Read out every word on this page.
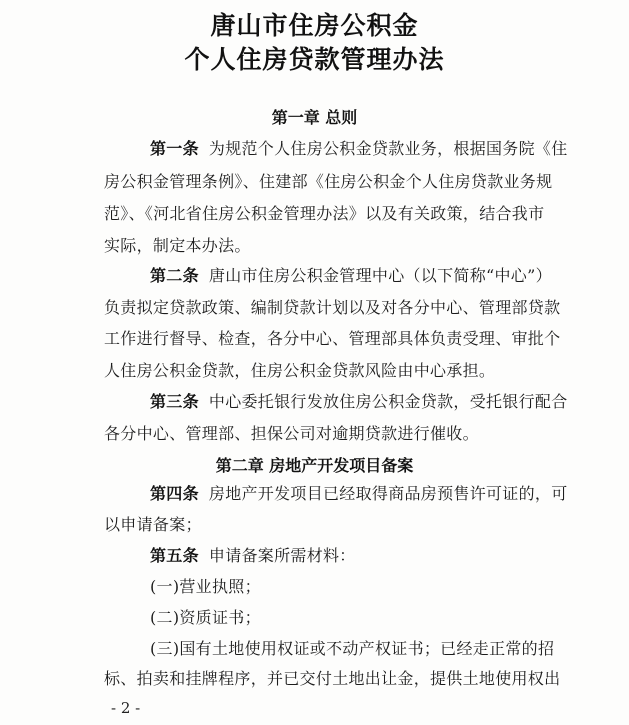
唐山市住房公积金
个人住房贷款管理办法
第一章 总则
第一条 为规范个人住房公积金贷款业务，根据国务院《住
房公积金管理条例》、住建部《住房公积金个人住房贷款业务规
范》、《河北省住房公积金管理办法》以及有关政策，结合我市
实际，制定本办法。
第二条 唐山市住房公积金管理中心（以下简称“中心”）
负责拟定贷款政策、编制贷款计划以及对各分中心、管理部贷款
工作进行督导、检查，各分中心、管理部具体负责受理、审批个
人住房公积金贷款，住房公积金贷款风险由中心承担。
第三条 中心委托银行发放住房公积金贷款，受托银行配合
各分中心、管理部、担保公司对逾期贷款进行催收。
第二章 房地产开发项目备案
第四条 房地产开发项目已经取得商品房预售许可证的，可
以申请备案；
第五条 申请备案所需材料：
(一)营业执照；
(二)资质证书；
(三)国有土地使用权证或不动产权证书；已经走正常的招
标、拍卖和挂牌程序，并已交付土地出让金，提供土地使用权出
- 2 -
